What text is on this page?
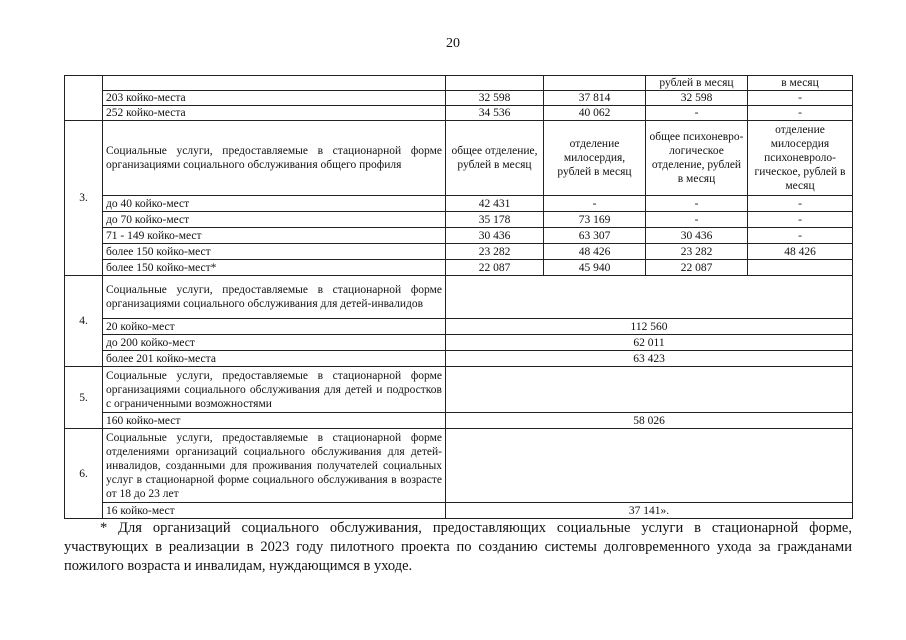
20
				рублей в месяц	в месяц
	203 койко-места	32 598	37 814	32 598	-
	252 койко-места	34 536	40 062	-	-
3.	Социальные услуги, предоставляемые в стационарной форме организациями социального обслуживания общего профиля	общее отделение, рублей в месяц	отделение милосердия, рублей в месяц	общее психоневро-логическое отделение, рублей в месяц	отделение милосердия психоневроло-гическое, рублей в месяц
	до 40 койко-мест	42 431	-	-	-
	до 70 койко-мест	35 178	73 169	-	-
	71 - 149 койко-мест	30 436	63 307	30 436	-
	более 150 койко-мест	23 282	48 426	23 282	48 426
	более 150 койко-мест*	22 087	45 940	22 087	
4.	Социальные услуги, предоставляемые в стационарной форме организациями социального обслуживания для детей-инвалидов				
	20 койко-мест	112 560			
	до 200 койко-мест	62 011			
	более 201 койко-места	63 423			
5.	Социальные услуги, предоставляемые в стационарной форме организациями социального обслуживания для детей и подростков с ограниченными возможностями				
	160 койко-мест	58 026			
6.	Социальные услуги, предоставляемые в стационарной форме отделениями организаций социального обслуживания для детей-инвалидов, созданными для проживания получателей социальных услуг в стационарной форме социального обслуживания в возрасте от 18 до 23 лет				
	16 койко-мест	37 141».			
* Для организаций социального обслуживания, предоставляющих социальные услуги в стационарной форме, участвующих в реализации в 2023 году пилотного проекта по созданию системы долговременного ухода за гражданами пожилого возраста и инвалидам, нуждающимся в уходе.
